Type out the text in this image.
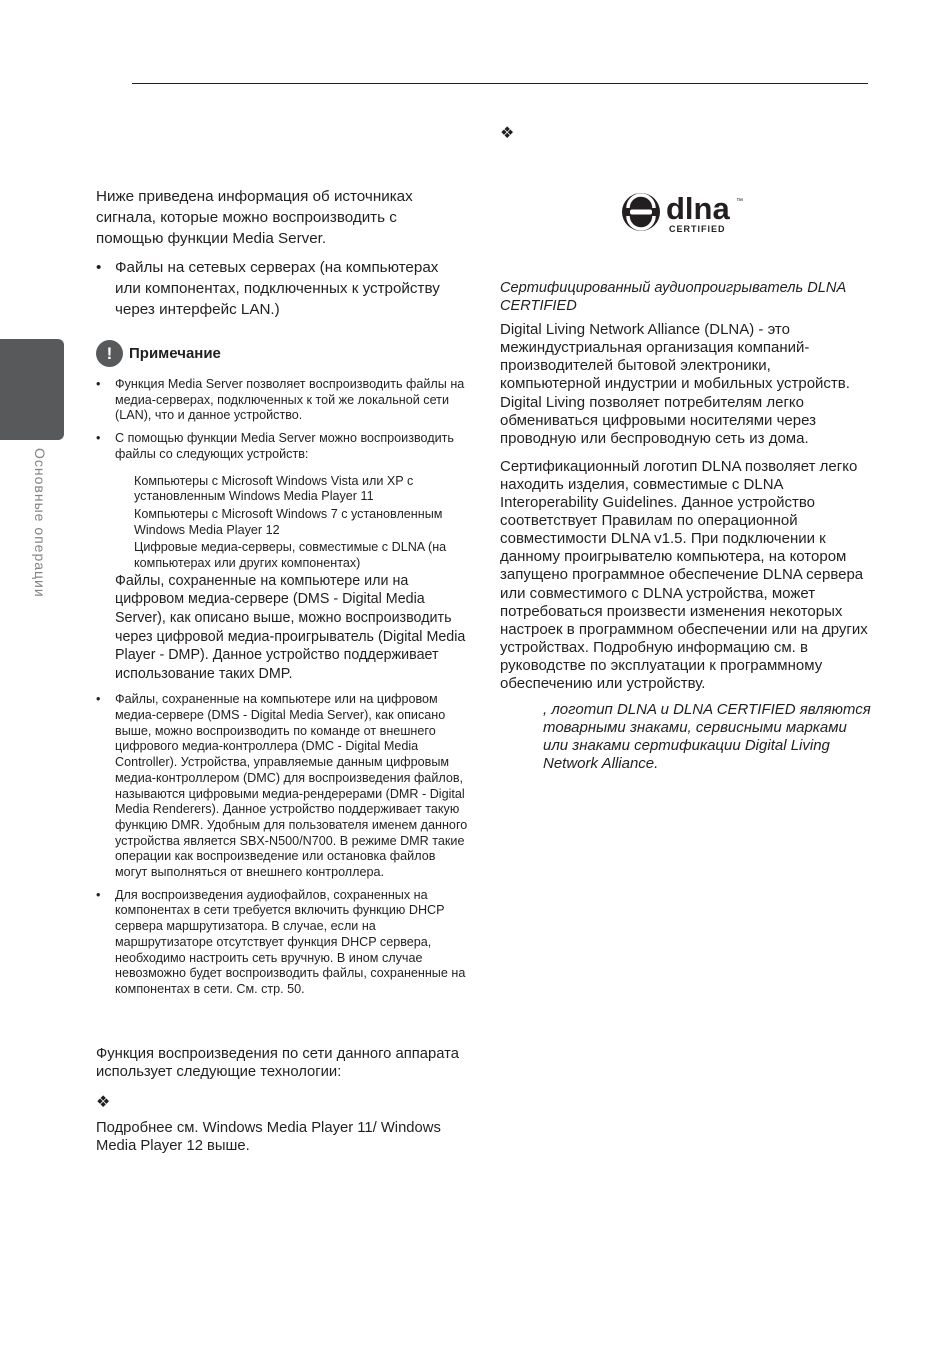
Основные операции

Ниже приведена информация об источниках сигнала, которые можно воспроизводить с помощью функции Media Server.

• Файлы на сетевых серверах (на компьютерах или компонентах, подключенных к устройству через интерфейс LAN.)
!	Примечание
•	Функция Media Server позволяет воспроизводить файлы на медиа-серверах, подключенных к той же локальной сети (LAN), что и данное устройство.
•	С помощью функции Media Server можно воспроизводить файлы со следующих устройств:

Компьютеры с Microsoft Windows Vista или XP с установленным Windows Media Player 11

Компьютеры с Microsoft Windows 7 с установленным Windows Media Player 12

Цифровые медиа-серверы, совместимые с DLNA (на компьютерах или других компонентах)

Файлы, сохраненные на компьютере или на цифровом медиа-сервере (DMS - Digital Media Server), как описано выше, можно воспроизводить через цифровой медиа-проигрыватель (Digital Media Player - DMP). Данное устройство поддерживает использование таких DMP.

•	Файлы, сохраненные на компьютере или на цифровом медиа-сервере (DMS - Digital Media Server), как описано выше, можно воспроизводить по команде от внешнего цифрового медиа-контроллера (DMC - Digital Media Controller). Устройства, управляемые данным цифровым медиа-контроллером (DMC) для воспроизведения файлов, называются цифровыми медиа-рендерерами (DMR - Digital Media Renderers). Данное устройство поддерживает такую функцию DMR. Удобным для пользователя именем данного устройства является SBX-N500/N700. В режиме DMR такие операции как воспроизведение или остановка файлов могут выполняться от внешнего контроллера.
•	Для воспроизведения аудиофайлов, сохраненных на компонентах в сети требуется включить функцию DHCP сервера маршрутизатора. В случае, если на маршрутизаторе отсутствует функция DHCP сервера, необходимо настроить сеть вручную. В ином случае невозможно будет воспроизводить файлы, сохраненные на компонентах в сети. См. стр. 50.

Функция воспроизведения по сети данного аппарата использует следующие технологии:

❖

Подробнее см. Windows Media Player 11/ Windows Media Player 12 выше.

❖
dlna ™
CERTIFIED

Сертифицированный аудиопроигрыватель DLNA CERTIFIED

Digital Living Network Alliance (DLNA) - это межиндустриальная организация компаний-производителей бытовой электроники, компьютерной индустрии и мобильных устройств. Digital Living позволяет потребителям легко обмениваться цифровыми носителями через проводную или беспроводную сеть из дома.

Сертификационный логотип DLNA позволяет легко находить изделия, совместимые с DLNA Interoperability Guidelines. Данное устройство соответствует Правилам по операционной совместимости DLNA v1.5. При подключении к данному проигрывателю компьютера, на котором запущено программное обеспечение DLNA сервера или совместимого с DLNA устройства, может потребоваться произвести изменения некоторых настроек в программном обеспечении или на других устройствах. Подробную информацию см. в руководстве по эксплуатации к программному обеспечению или устройству.

, логотип DLNA и DLNA CERTIFIED являются товарными знаками, сервисными марками или знаками сертификации Digital Living Network Alliance.
